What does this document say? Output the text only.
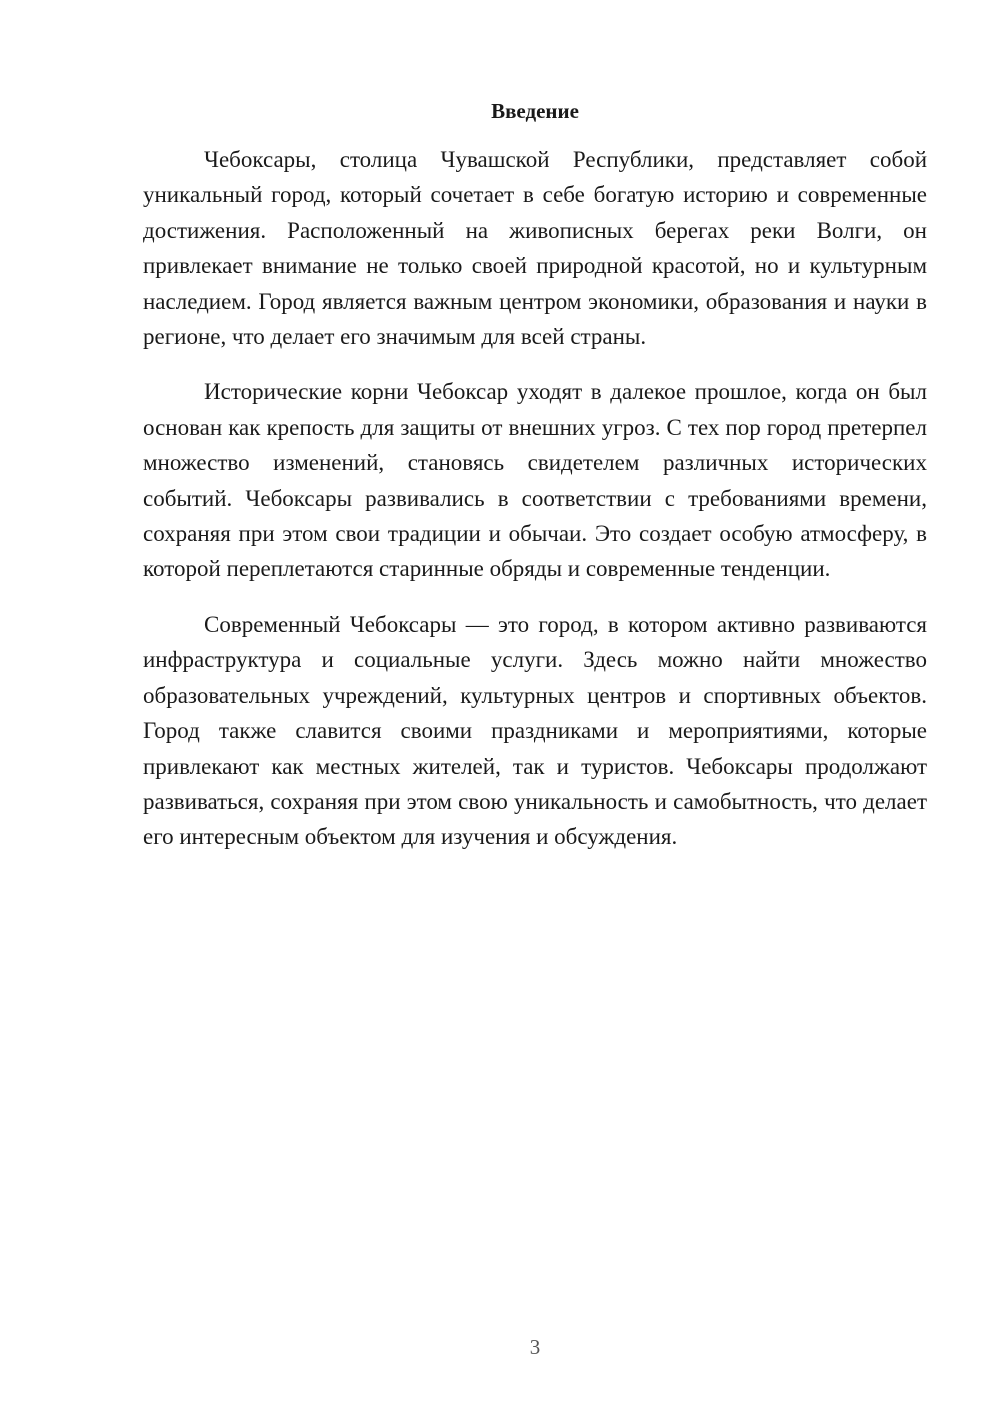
Введение

Чебоксары, столица Чувашской Республики, представляет собой уникальный город, который сочетает в себе богатую историю и современные достижения. Расположенный на живописных берегах реки Волги, он привлекает внимание не только своей природной красотой, но и культурным наследием. Город является важным центром экономики, образования и науки в регионе, что делает его значимым для всей страны.

Исторические корни Чебоксар уходят в далекое прошлое, когда он был основан как крепость для защиты от внешних угроз. С тех пор город претерпел множество изменений, становясь свидетелем различных исторических событий. Чебоксары развивались в соответствии с требованиями времени, сохраняя при этом свои традиции и обычаи. Это создает особую атмосферу, в которой переплетаются старинные обряды и современные тенденции.

Современный Чебоксары — это город, в котором активно развиваются инфраструктура и социальные услуги. Здесь можно найти множество образовательных учреждений, культурных центров и спортивных объектов. Город также славится своими праздниками и мероприятиями, которые привлекают как местных жителей, так и туристов. Чебоксары продолжают развиваться, сохраняя при этом свою уникальность и самобытность, что делает его интересным объектом для изучения и обсуждения.

3
